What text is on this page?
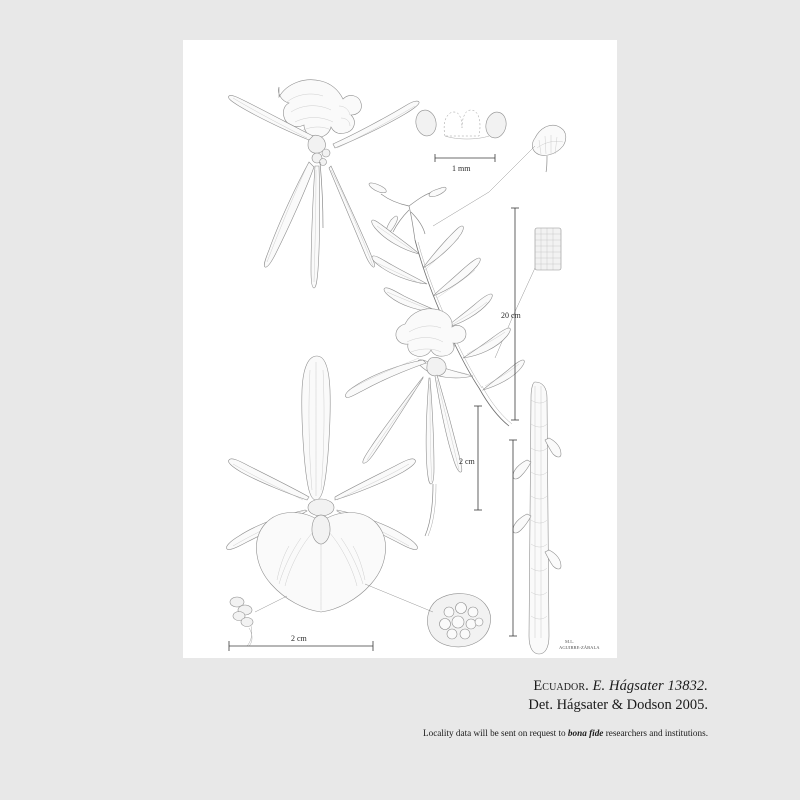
1 mm
20 cm
2 cm
2 cm	M.L.
AGUIRRE-ZÁBALA
Ecuador. E. Hágsater 13832.
Det. Hágsater & Dodson 2005.
Locality data will be sent on request to bona fide researchers and institutions.
